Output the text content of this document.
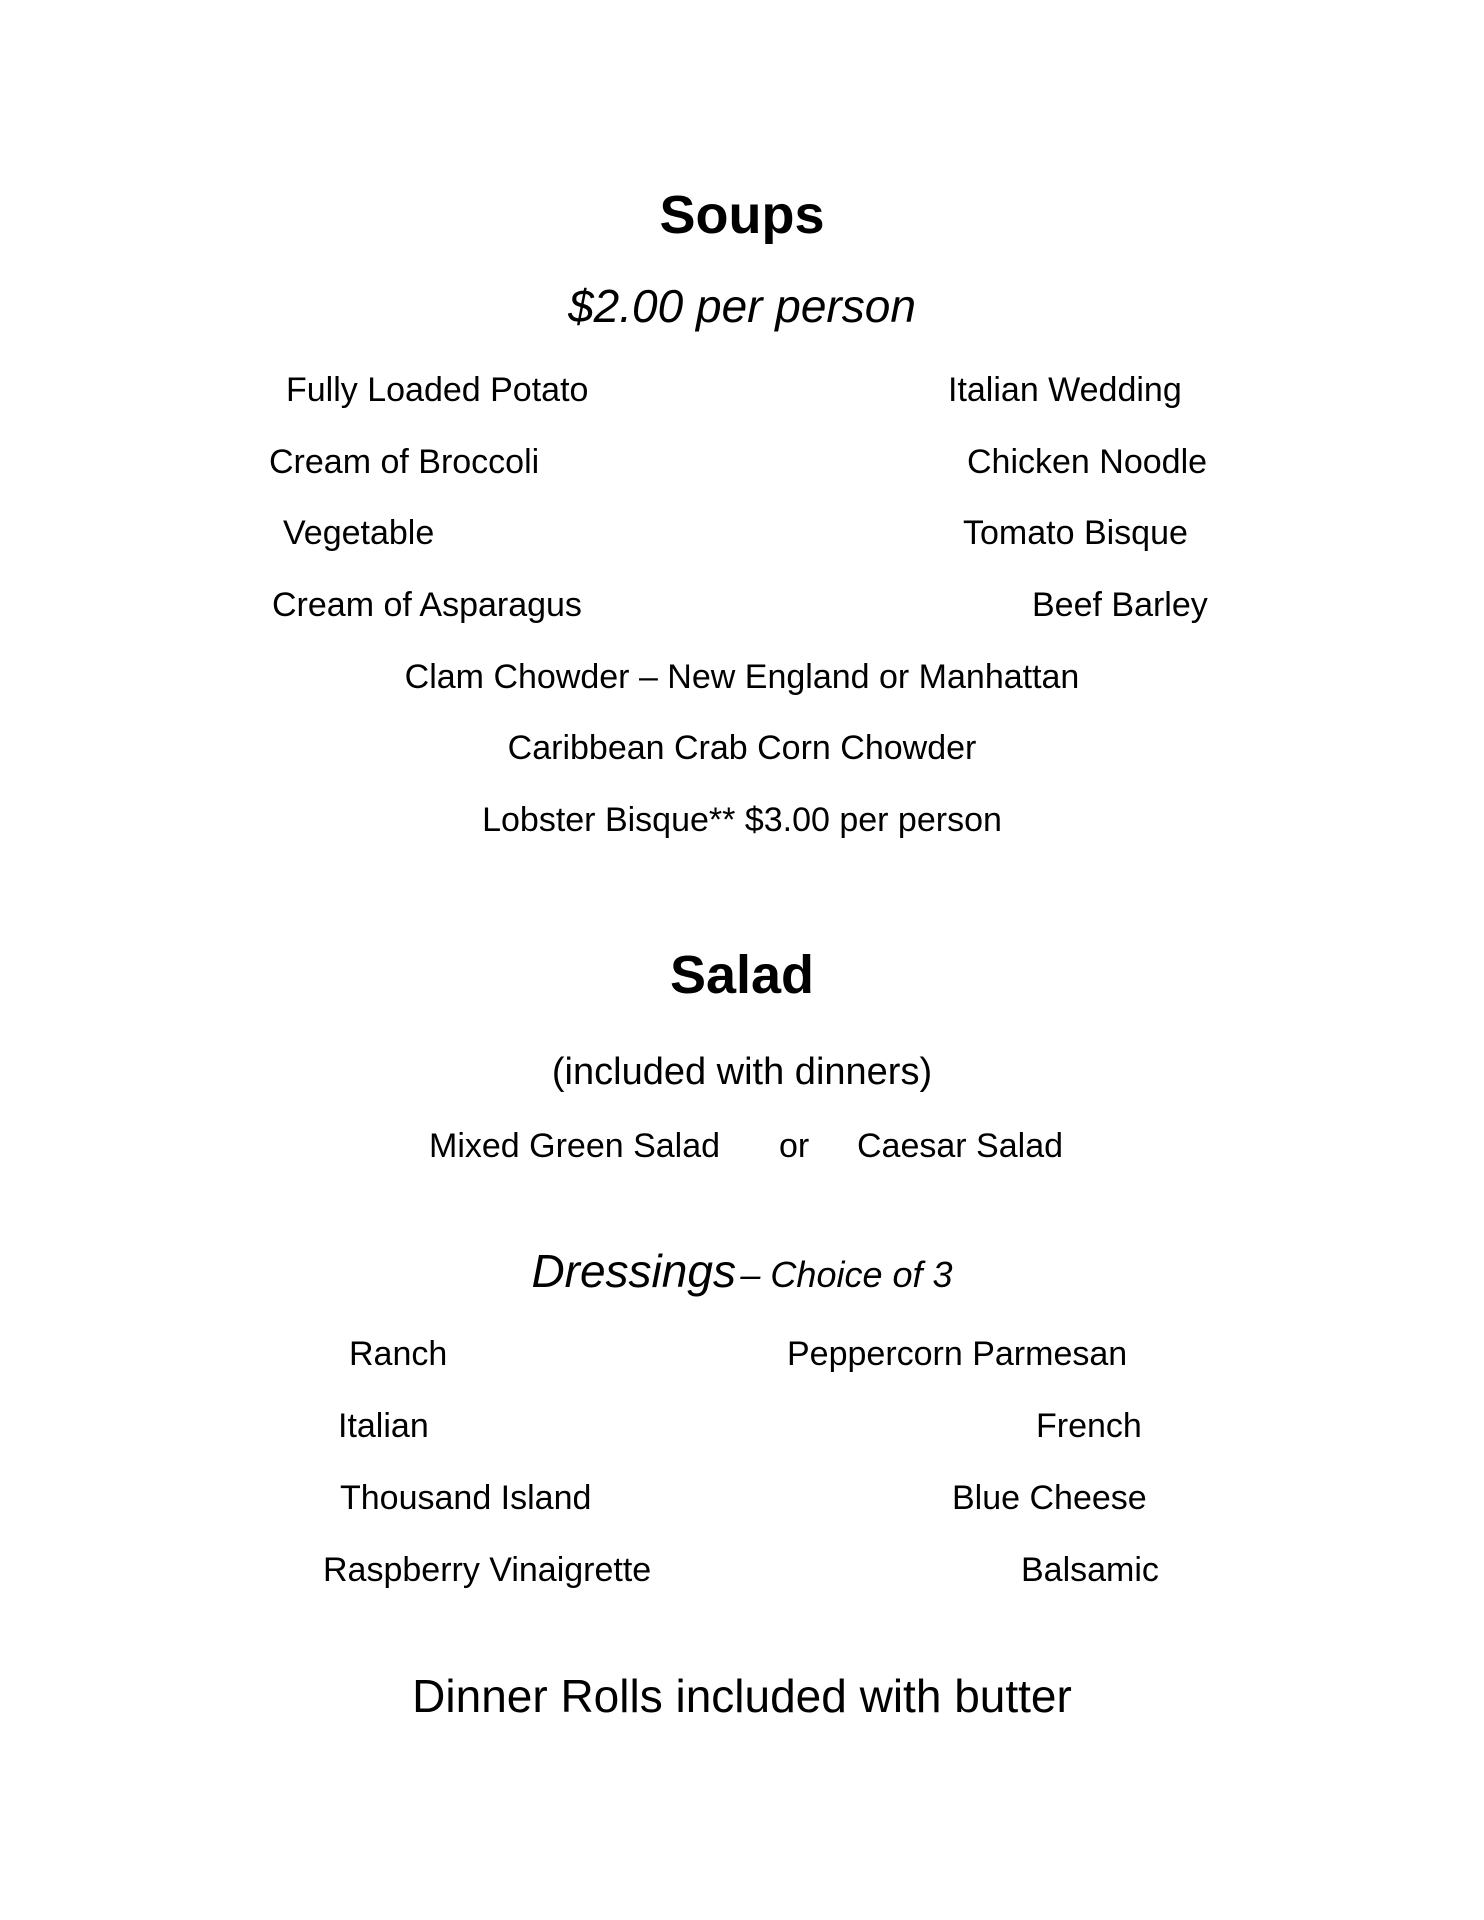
Soups
$2.00 per person
Fully Loaded Potato	Italian Wedding
Cream of Broccoli	Chicken Noodle
Vegetable	Tomato Bisque
Cream of Asparagus	Beef Barley
Clam Chowder – New England or Manhattan
Caribbean Crab Corn Chowder
Lobster Bisque** $3.00 per person
Salad
(included with dinners)
Mixed Green Salad or Caesar Salad
Dressings – Choice of 3
Ranch	Peppercorn Parmesan
Italian	French
Thousand Island	Blue Cheese
Raspberry Vinaigrette	Balsamic
Dinner Rolls included with butter
